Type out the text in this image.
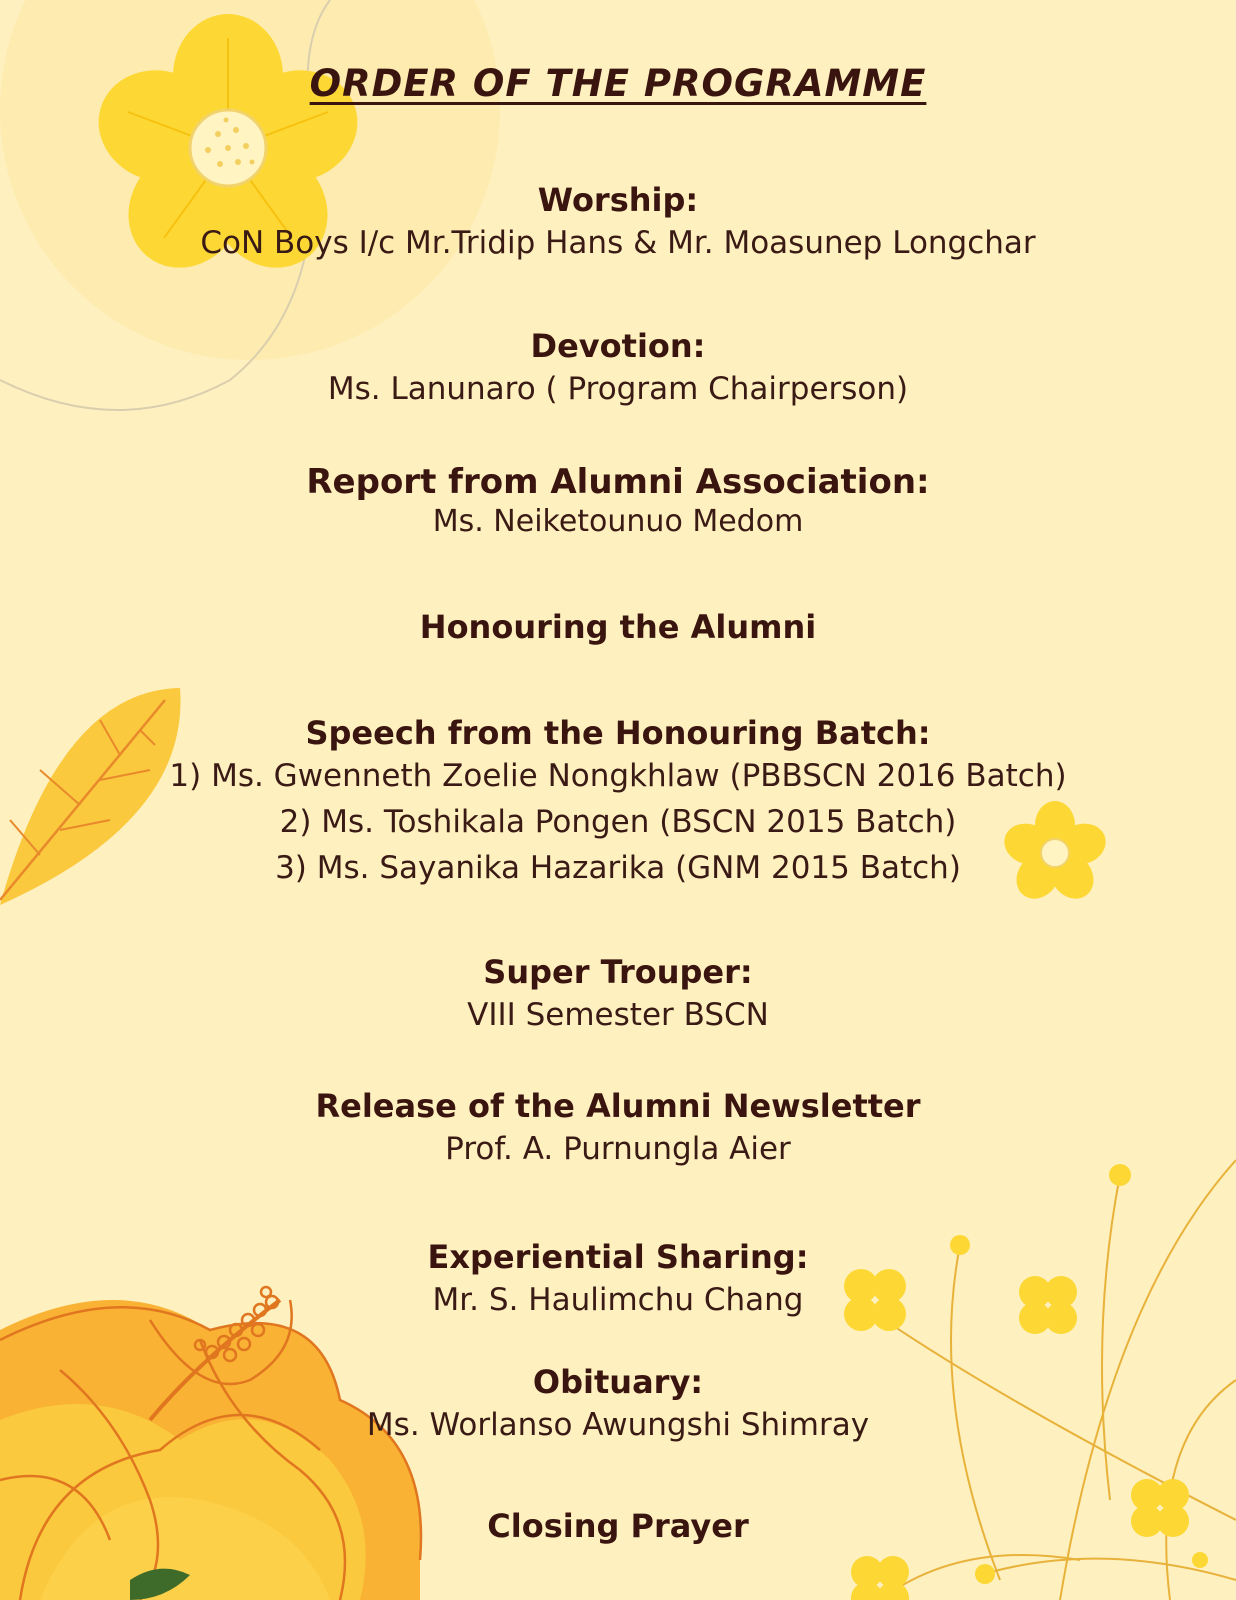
ORDER OF THE PROGRAMME

Worship:

CoN Boys I/c Mr.Tridip Hans & Mr. Moasunep Longchar

Devotion:

Ms. Lanunaro ( Program Chairperson)

Report from Alumni Association:

Ms. Neiketounuo Medom

Honouring the Alumni

Speech from the Honouring Batch:

1) Ms. Gwenneth Zoelie Nongkhlaw (PBBSCN 2016 Batch)

2) Ms. Toshikala Pongen (BSCN 2015 Batch)

3) Ms. Sayanika Hazarika (GNM 2015 Batch)

Super Trouper:

VIII Semester BSCN

Release of the Alumni Newsletter

Prof. A. Purnungla Aier

Experiential Sharing:

Mr. S. Haulimchu Chang

Obituary:

Ms. Worlanso Awungshi Shimray

Closing Prayer
